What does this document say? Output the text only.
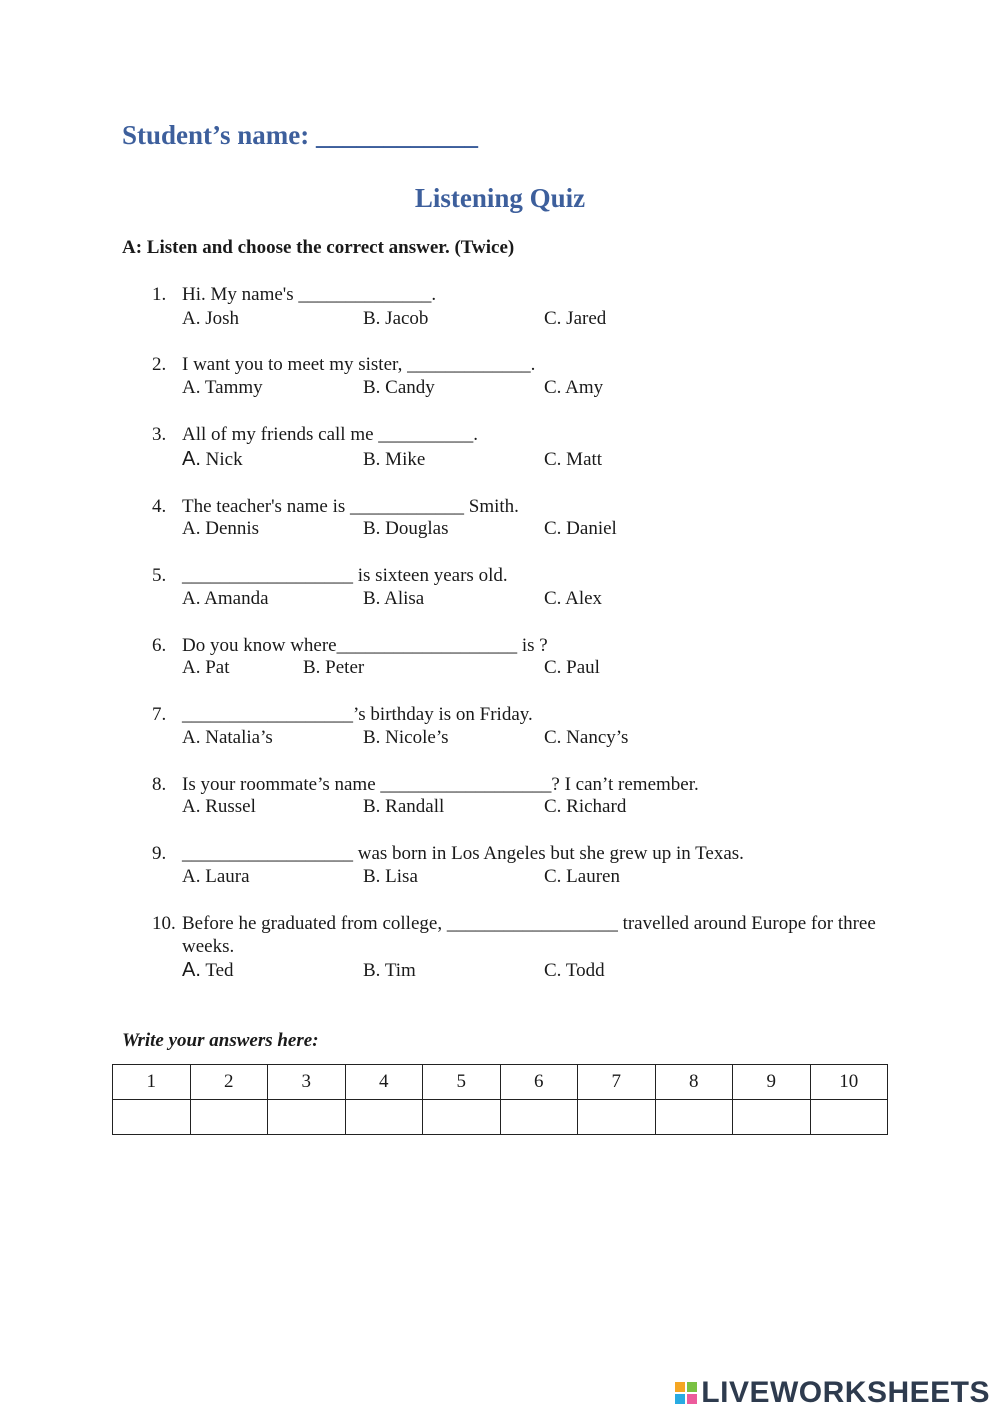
Student’s name: ____________
Listening Quiz
A: Listen and choose the correct answer. (Twice)
1. Hi. My name's ______________.
A. Josh	B. Jacob	C. Jared
2. I want you to meet my sister, _____________.
A. Tammy	B. Candy	C. Amy
3. All of my friends call me __________.
A. Nick	B. Mike	C. Matt
4. The teacher's name is ____________ Smith.
A. Dennis	B. Douglas	C. Daniel
5. __________________ is sixteen years old.
A. Amanda	B. Alisa	C. Alex
6. Do you know where___________________ is ?
A. Pat	B. Peter	C. Paul
7. __________________’s birthday is on Friday.
A. Natalia’s	B. Nicole’s	C. Nancy’s
8. Is your roommate’s name __________________? I can’t remember.
A. Russel	B. Randall	C. Richard
9. __________________ was born in Los Angeles but she grew up in Texas.
A. Laura	B. Lisa	C. Lauren
10. Before he graduated from college, __________________ travelled around Europe for three weeks.
A. Ted	B. Tim	C. Todd
Write your answers here:
1	2	3	4	5	6	7	8	9	10

LIVEWORKSHEETS
